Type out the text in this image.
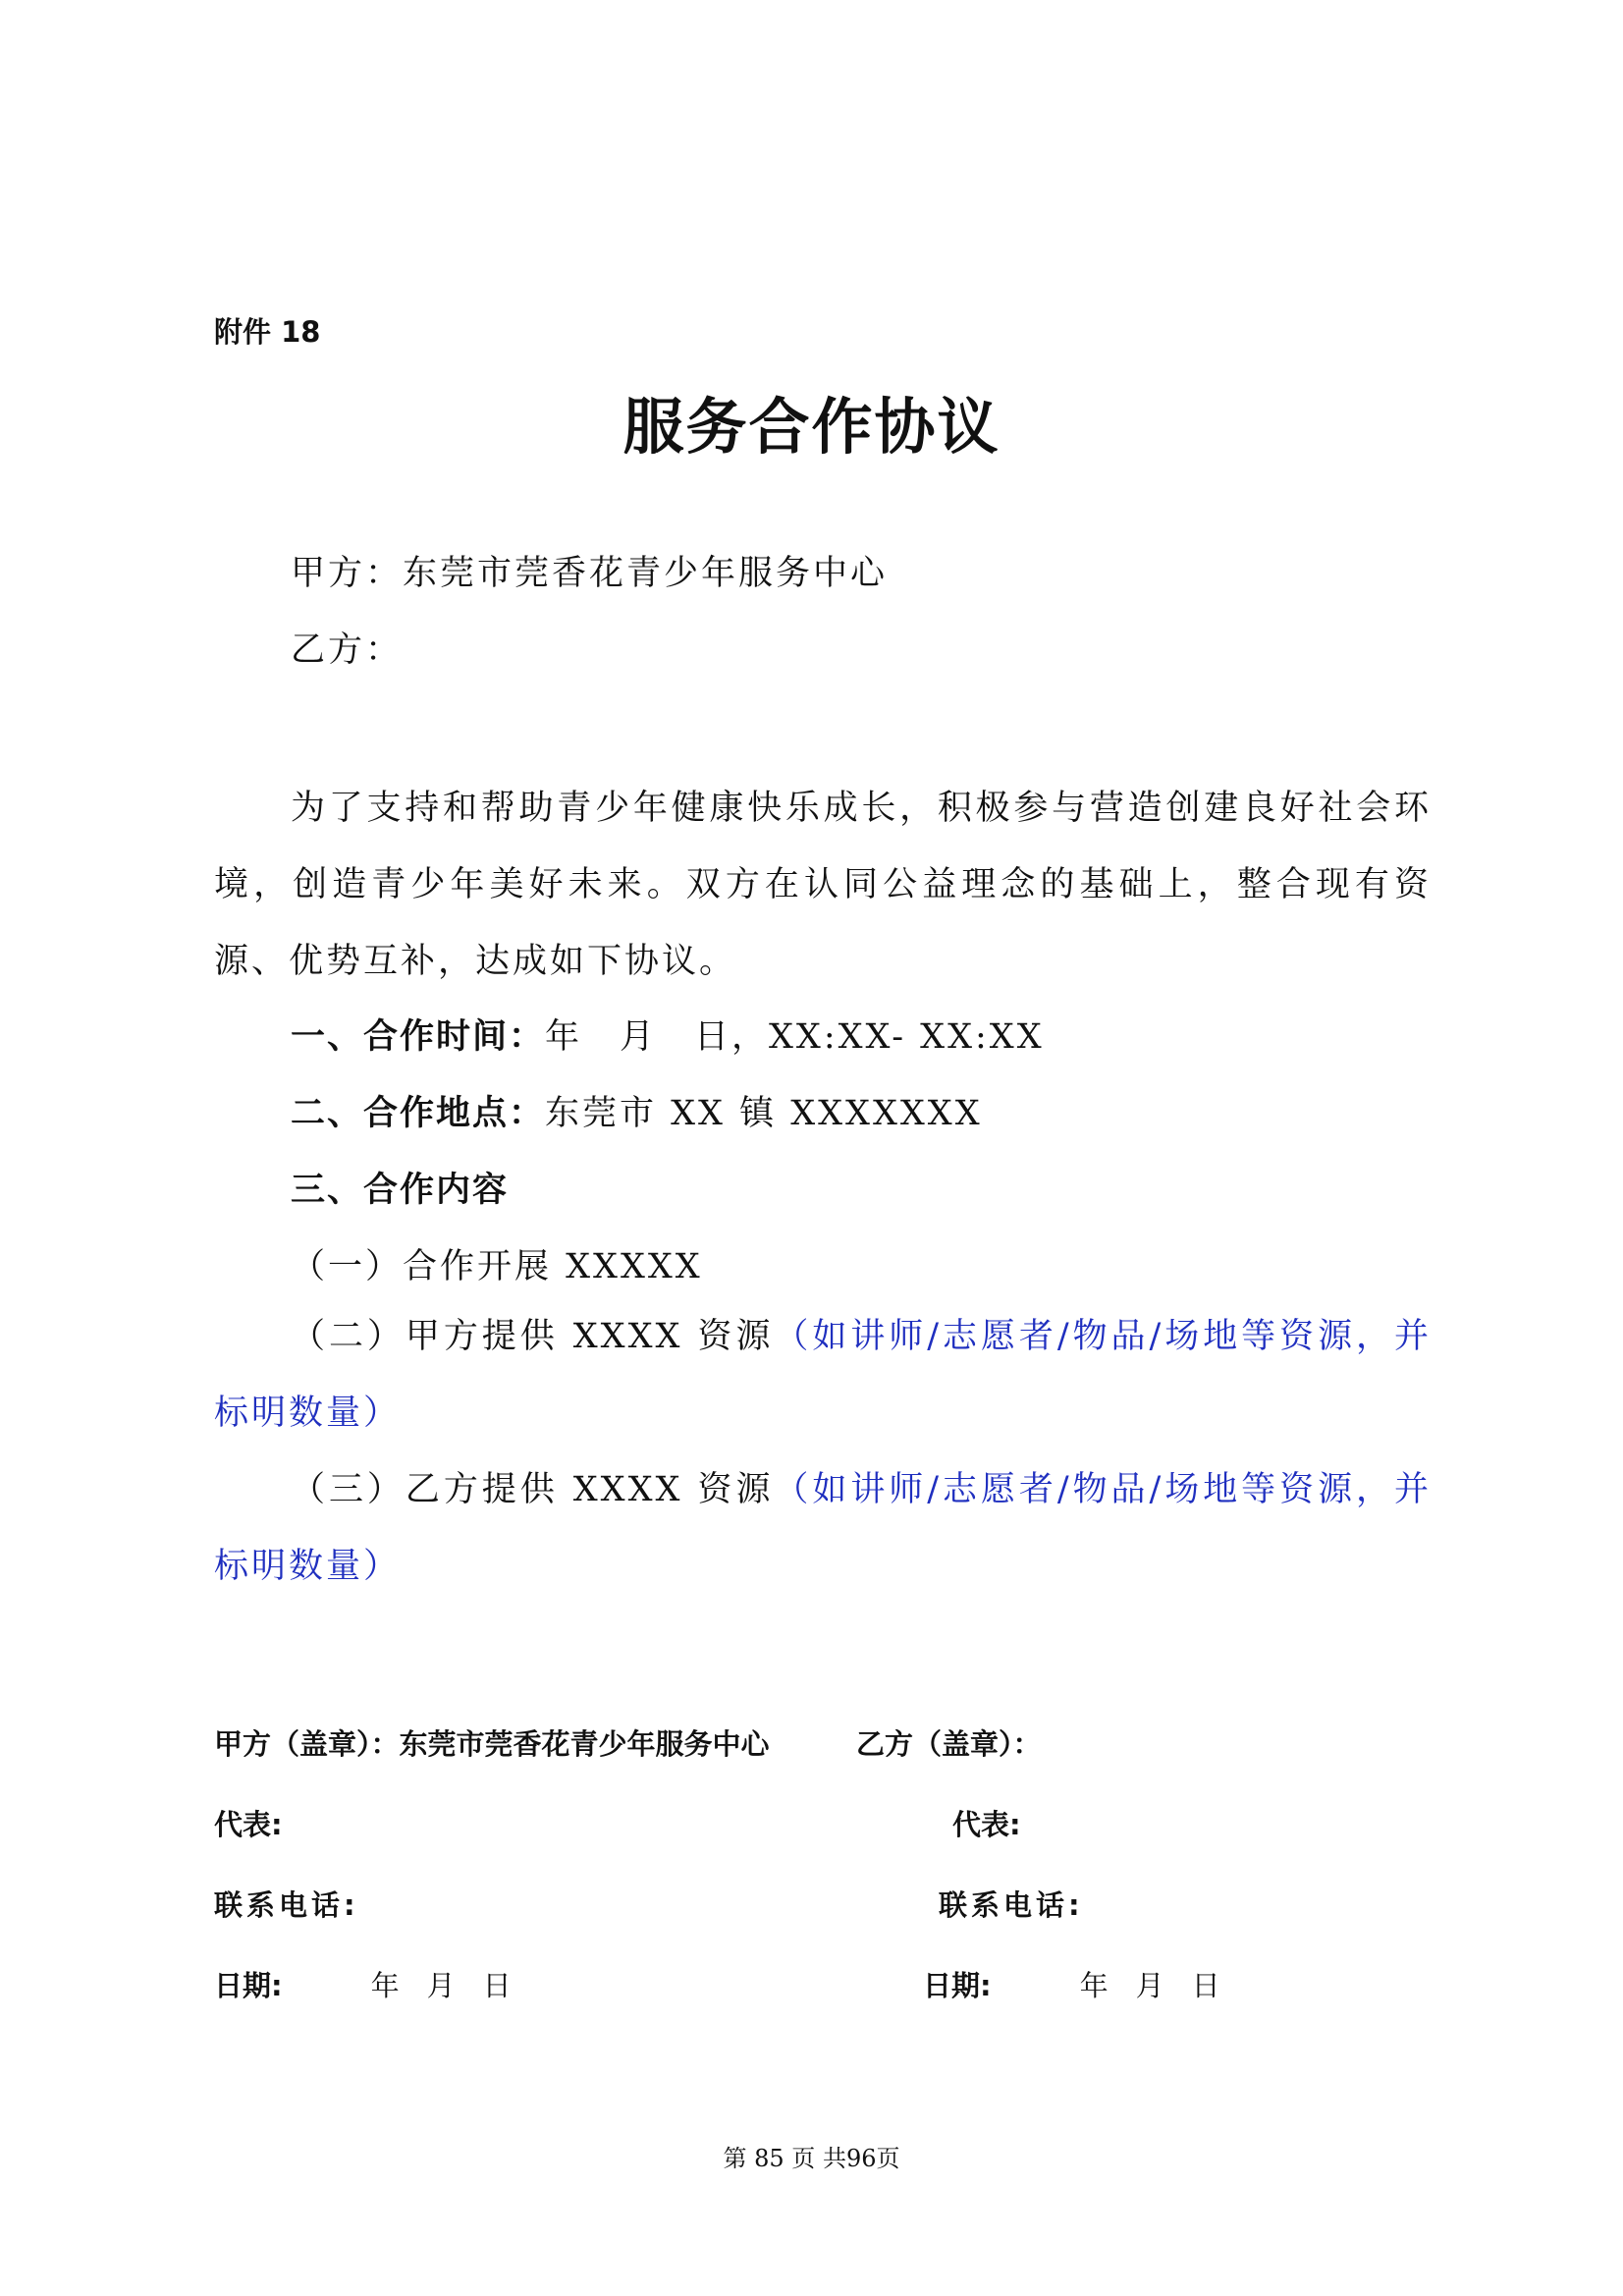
附件 18
服务合作协议
甲方：东莞市莞香花青少年服务中心
乙方：
为了支持和帮助青少年健康快乐成长，积极参与营造创建良好社会环境，创造青少年美好未来。双方在认同公益理念的基础上，整合现有资源、优势互补，达成如下协议。
一、合作时间：年　月　日，XX:XX- XX:XX
二、合作地点：东莞市 XX 镇 XXXXXXX
三、合作内容
（一）合作开展 XXXXX
（二）甲方提供 XXXX 资源（如讲师/志愿者/物品/场地等资源，并标明数量）
（三）乙方提供 XXXX 资源（如讲师/志愿者/物品/场地等资源，并标明数量）
甲方（盖章）：东莞市莞香花青少年服务中心	乙方（盖章）：
代表:	代表:
联系电话:	联系电话:
日期:	年月日	日期:	年月日
第 85 页 共96页
